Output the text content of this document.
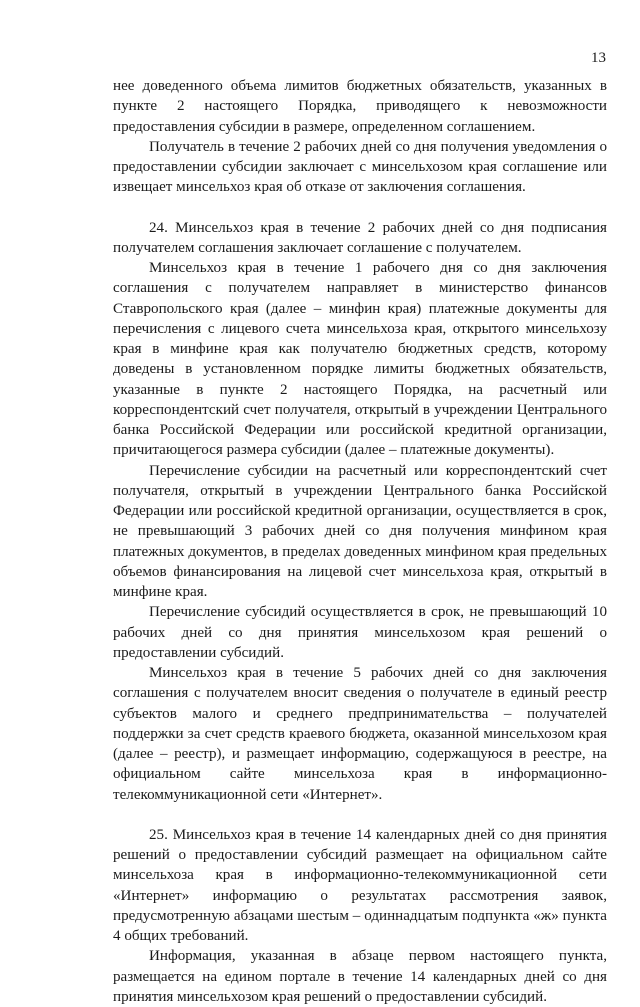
13

нее доведенного объема лимитов бюджетных обязательств, указанных в пункте 2 настоящего Порядка, приводящего к невозможности предоставления субсидии в размере, определенном соглашением.

Получатель в течение 2 рабочих дней со дня получения уведомления о предоставлении субсидии заключает с минсельхозом края соглашение или извещает минсельхоз края об отказе от заключения соглашения.

24. Минсельхоз края в течение 2 рабочих дней со дня подписания получателем соглашения заключает соглашение с получателем.

Минсельхоз края в течение 1 рабочего дня со дня заключения соглашения с получателем направляет в министерство финансов Ставропольского края (далее – минфин края) платежные документы для перечисления с лицевого счета минсельхоза края, открытого минсельхозу края в минфине края как получателю бюджетных средств, которому доведены в установленном порядке лимиты бюджетных обязательств, указанные в пункте 2 настоящего Порядка, на расчетный или корреспондентский счет получателя, открытый в учреждении Центрального банка Российской Федерации или российской кредитной организации, причитающегося размера субсидии (далее – платежные документы).

Перечисление субсидии на расчетный или корреспондентский счет получателя, открытый в учреждении Центрального банка Российской Федерации или российской кредитной организации, осуществляется в срок, не превышающий 3 рабочих дней со дня получения минфином края платежных документов, в пределах доведенных минфином края предельных объемов финансирования на лицевой счет минсельхоза края, открытый в минфине края.

Перечисление субсидий осуществляется в срок, не превышающий 10 рабочих дней со дня принятия минсельхозом края решений о предоставлении субсидий.

Минсельхоз края в течение 5 рабочих дней со дня заключения соглашения с получателем вносит сведения о получателе в единый реестр субъектов малого и среднего предпринимательства – получателей поддержки за счет средств краевого бюджета, оказанной минсельхозом края (далее – реестр), и размещает информацию, содержащуюся в реестре, на официальном сайте минсельхоза края в информационно-телекоммуникационной сети «Интернет».

25. Минсельхоз края в течение 14 календарных дней со дня принятия решений о предоставлении субсидий размещает на официальном сайте минсельхоза края в информационно-телекоммуникационной сети «Интернет» информацию о результатах рассмотрения заявок, предусмотренную абзацами шестым – одиннадцатым подпункта «ж» пункта 4 общих требований.

Информация, указанная в абзаце первом настоящего пункта, размещается на едином портале в течение 14 календарных дней со дня принятия минсельхозом края решений о предоставлении субсидий.
